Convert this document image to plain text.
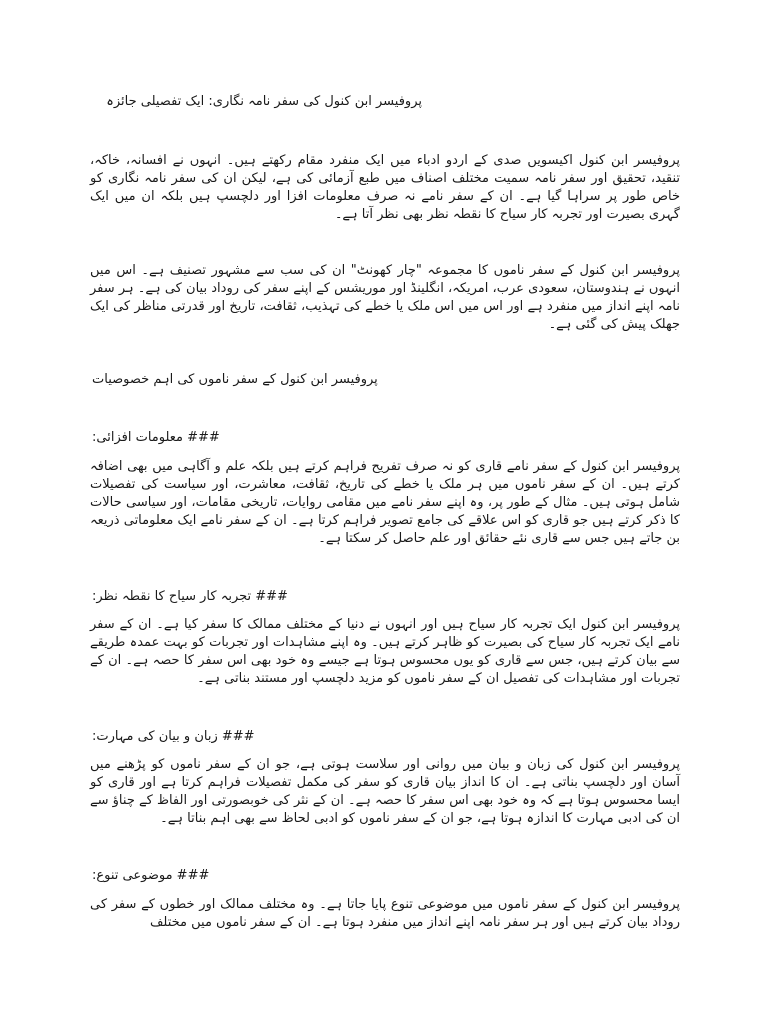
پروفیسر ابن کنول کی سفر نامہ نگاری: ایک تفصیلی جائزہ
پروفیسر ابن کنول اکیسویں صدی کے اردو ادباء میں ایک منفرد مقام رکھتے ہیں۔ انہوں نے افسانہ، خاکہ، تنقید، تحقیق اور سفر نامہ سمیت مختلف اصناف میں طبع آزمائی کی ہے، لیکن ان کی سفر نامہ نگاری کو خاص طور پر سراہا گیا ہے۔ ان کے سفر نامے نہ صرف معلومات افزا اور دلچسپ ہیں بلکہ ان میں ایک گہری بصیرت اور تجربہ کار سیاح کا نقطہ نظر بھی نظر آتا ہے۔
پروفیسر ابن کنول کے سفر ناموں کا مجموعہ "چار کھونٹ" ان کی سب سے مشہور تصنیف ہے۔ اس میں انہوں نے ہندوستان، سعودی عرب، امریکہ، انگلینڈ اور موریشس کے اپنے سفر کی روداد بیان کی ہے۔ ہر سفر نامہ اپنے انداز میں منفرد ہے اور اس میں اس ملک یا خطے کی تہذیب، ثقافت، تاریخ اور قدرتی مناظر کی ایک جھلک پیش کی گئی ہے۔
پروفیسر ابن کنول کے سفر ناموں کی اہم خصوصیات
### معلومات افزائی:
پروفیسر ابن کنول کے سفر نامے قاری کو نہ صرف تفریح فراہم کرتے ہیں بلکہ علم و آگاہی میں بھی اضافہ کرتے ہیں۔ ان کے سفر ناموں میں ہر ملک یا خطے کی تاریخ، ثقافت، معاشرت، اور سیاست کی تفصیلات شامل ہوتی ہیں۔ مثال کے طور پر، وہ اپنے سفر نامے میں مقامی روایات، تاریخی مقامات، اور سیاسی حالات کا ذکر کرتے ہیں جو قاری کو اس علاقے کی جامع تصویر فراہم کرتا ہے۔ ان کے سفر نامے ایک معلوماتی ذریعہ بن جاتے ہیں جس سے قاری نئے حقائق اور علم حاصل کر سکتا ہے۔
### تجربہ کار سیاح کا نقطہ نظر:
پروفیسر ابن کنول ایک تجربہ کار سیاح ہیں اور انہوں نے دنیا کے مختلف ممالک کا سفر کیا ہے۔ ان کے سفر نامے ایک تجربہ کار سیاح کی بصیرت کو ظاہر کرتے ہیں۔ وہ اپنے مشاہدات اور تجربات کو بہت عمدہ طریقے سے بیان کرتے ہیں، جس سے قاری کو یوں محسوس ہوتا ہے جیسے وہ خود بھی اس سفر کا حصہ ہے۔ ان کے تجربات اور مشاہدات کی تفصیل ان کے سفر ناموں کو مزید دلچسپ اور مستند بناتی ہے۔
### زبان و بیان کی مہارت:
پروفیسر ابن کنول کی زبان و بیان میں روانی اور سلاست ہوتی ہے، جو ان کے سفر ناموں کو پڑھنے میں آسان اور دلچسپ بناتی ہے۔ ان کا انداز بیان قاری کو سفر کی مکمل تفصیلات فراہم کرتا ہے اور قاری کو ایسا محسوس ہوتا ہے کہ وہ خود بھی اس سفر کا حصہ ہے۔ ان کے نثر کی خوبصورتی اور الفاظ کے چناؤ سے ان کی ادبی مہارت کا اندازہ ہوتا ہے، جو ان کے سفر ناموں کو ادبی لحاظ سے بھی اہم بناتا ہے۔
### موضوعی تنوع:
پروفیسر ابن کنول کے سفر ناموں میں موضوعی تنوع پایا جاتا ہے۔ وہ مختلف ممالک اور خطوں کے سفر کی روداد بیان کرتے ہیں اور ہر سفر نامہ اپنے انداز میں منفرد ہوتا ہے۔ ان کے سفر ناموں میں مختلف
